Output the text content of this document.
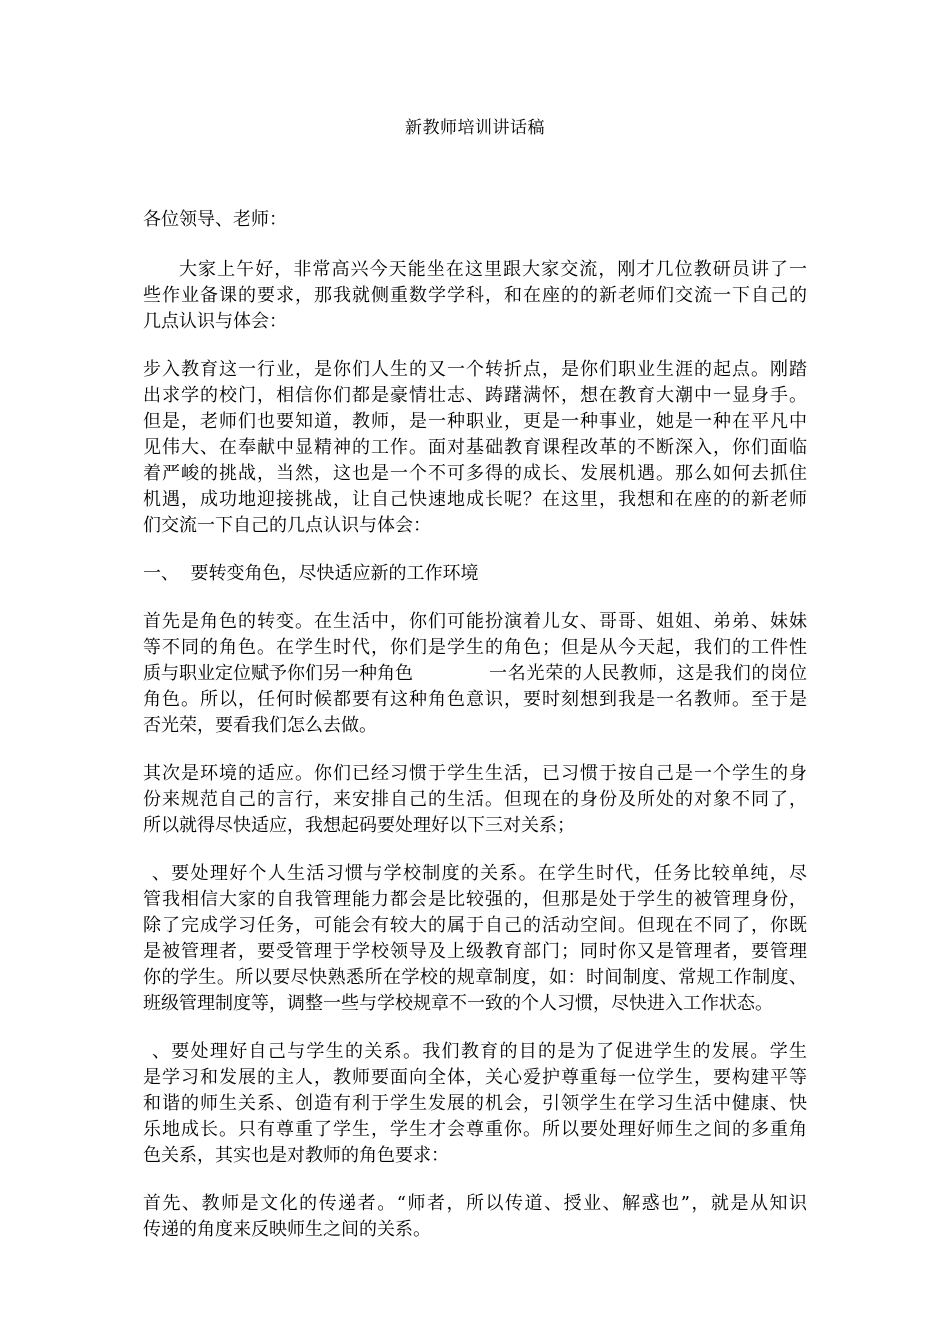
新教师培训讲话稿
各位领导、老师：
大家上午好，非常高兴今天能坐在这里跟大家交流，刚才几位教研员讲了一
些作业备课的要求，那我就侧重数学学科，和在座的的新老师们交流一下自己的
几点认识与体会：
步入教育这一行业，是你们人生的又一个转折点，是你们职业生涯的起点。刚踏
出求学的校门，相信你们都是豪情壮志、踌躇满怀，想在教育大潮中一显身手。
但是，老师们也要知道，教师，是一种职业，更是一种事业，她是一种在平凡中
见伟大、在奉献中显精神的工作。面对基础教育课程改革的不断深入，你们面临
着严峻的挑战，当然，这也是一个不可多得的成长、发展机遇。那么如何去抓住
机遇，成功地迎接挑战，让自己快速地成长呢？在这里，我想和在座的的新老师
们交流一下自己的几点认识与体会：
一、  要转变角色，尽快适应新的工作环境
首先是角色的转变。在生活中，你们可能扮演着儿女、哥哥、姐姐、弟弟、妹妹
等不同的角色。在学生时代，你们是学生的角色；但是从今天起，我们的工件性
质与职业定位赋予你们另一种角色	一名光荣的人民教师，这是我们的岗位
角色。所以，任何时候都要有这种角色意识，要时刻想到我是一名教师。至于是
否光荣，要看我们怎么去做。
其次是环境的适应。你们已经习惯于学生生活，已习惯于按自己是一个学生的身
份来规范自己的言行，来安排自己的生活。但现在的身份及所处的对象不同了，
所以就得尽快适应，我想起码要处理好以下三对关系；
、要处理好个人生活习惯与学校制度的关系。在学生时代，任务比较单纯，尽
管我相信大家的自我管理能力都会是比较强的，但那是处于学生的被管理身份，
除了完成学习任务，可能会有较大的属于自己的活动空间。但现在不同了，你既
是被管理者，要受管理于学校领导及上级教育部门；同时你又是管理者，要管理
你的学生。所以要尽快熟悉所在学校的规章制度，如：时间制度、常规工作制度、
班级管理制度等，调整一些与学校规章不一致的个人习惯，尽快进入工作状态。
、要处理好自己与学生的关系。我们教育的目的是为了促进学生的发展。学生
是学习和发展的主人，教师要面向全体，关心爱护尊重每一位学生，要构建平等
和谐的师生关系、创造有利于学生发展的机会，引领学生在学习生活中健康、快
乐地成长。只有尊重了学生，学生才会尊重你。所以要处理好师生之间的多重角
色关系，其实也是对教师的角色要求：
首先、教师是文化的传递者。“师者，所以传道、授业、解惑也”，就是从知识
传递的角度来反映师生之间的关系。
